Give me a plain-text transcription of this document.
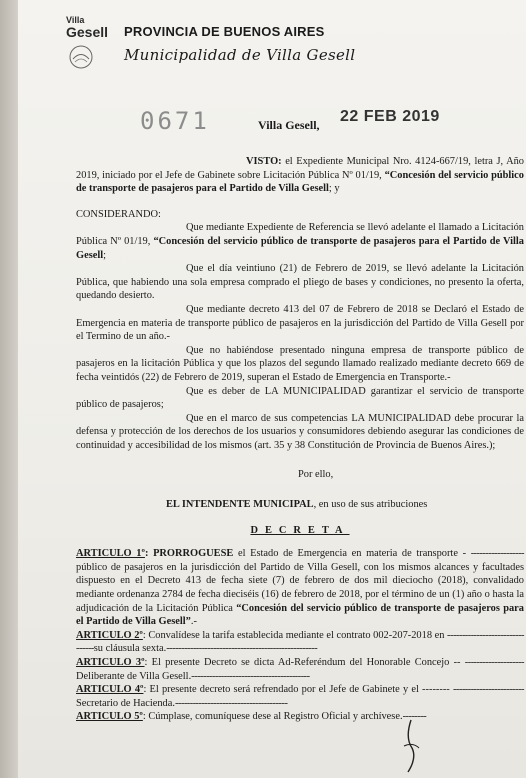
Villa
Gesell PROVINCIA DE BUENOS AIRES
Municipalidad de Villa Gesell
0671	Villa Gesell, 22 FEB 2019

VISTO: el Expediente Municipal Nro. 4124-667/19, letra J, Año 2019, iniciado por el Jefe de Gabinete sobre Licitación Pública Nº 01/19, “Concesión del servicio público de transporte de pasajeros para el Partido de Villa Gesell; y

CONSIDERANDO:

Que mediante Expediente de Referencia se llevó adelante el llamado a Licitación Pública Nº 01/19, “Concesión del servicio público de transporte de pasajeros para el Partido de Villa Gesell;

Que el día veintiuno (21) de Febrero de 2019, se llevó adelante la Licitación Pública, que habiendo una sola empresa comprado el pliego de bases y condiciones, no presento la oferta, quedando desierto.

Que mediante decreto 413 del 07 de Febrero de 2018 se Declaró el Estado de Emergencia en materia de transporte público de pasajeros en la jurisdicción del Partido de Villa Gesell por el Termino de un año.-

Que no habiéndose presentado ninguna empresa de transporte público de pasajeros en la licitación Pública y que los plazos del segundo llamado realizado mediante decreto 669 de fecha veintidós (22) de Febrero de 2019, superan el Estado de Emergencia en Transporte.-

Que es deber de LA MUNICIPALIDAD garantizar el servicio de transporte público de pasajeros;

Que en el marco de sus competencias LA MUNICIPALIDAD debe procurar la defensa y protección de los derechos de los usuarios y consumidores debiendo asegurar las condiciones de continuidad y accesibilidad de los mismos (art. 35 y 38 Constitución de Provincia de Buenos Aires.);

Por ello,

EL INTENDENTE MUNICIPAL, en uso de sus atribuciones

DECRETA

ARTICULO 1º: PRORROGUESE el Estado de Emergencia en materia de transporte - ------------------ público de pasajeros en la jurisdicción del Partido de Villa Gesell, con los mismos alcances y facultades dispuesto en el Decreto 413 de fecha siete (7) de febrero de dos mil dieciocho (2018), convalidado mediante ordenanza 2784 de fecha dieciséis (16) de febrero de 2018, por el término de un (1) año o hasta la adjudicación de la Licitación Pública “Concesión del servicio público de transporte de pasajeros para el Partido de Villa Gesell”.-

ARTICULO 2º: Convalídese la tarifa establecida mediante el contrato 002-207-2018 en --------------------------------su cláusula sexta.---------------------------------------------------

ARTICULO 3º: El presente Decreto se dicta Ad-Referéndum del Honorable Concejo -- -------------------- Deliberante de Villa Gesell.----------------------------------------

ARTICULO 4º: El presente decreto será refrendado por el Jefe de Gabinete y el -------- ------------------------Secretario de Hacienda.--------------------------------------

ARTICULO 5º: Cúmplase, comuníquese dese al Registro Oficial y archívese.--------
